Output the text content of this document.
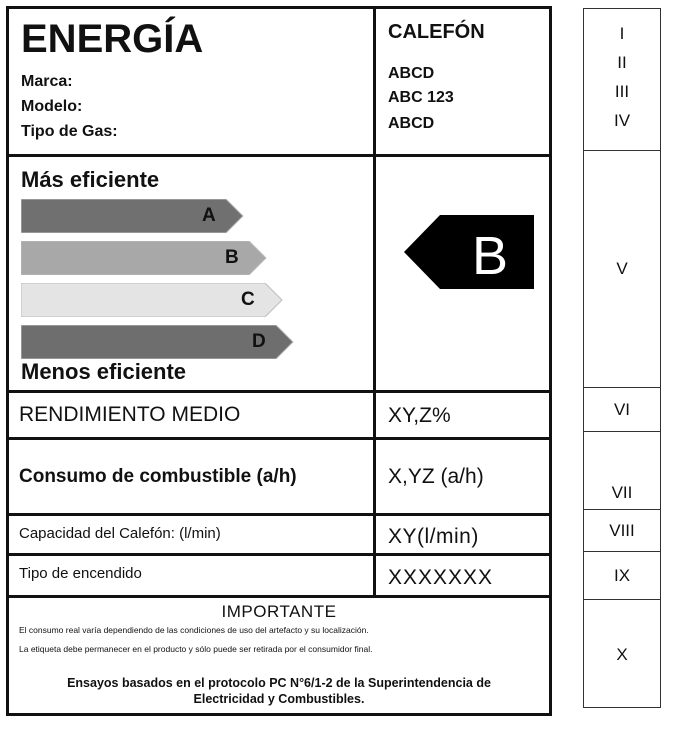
ENERGÍA
Marca:
Modelo:
Tipo de Gas:
CALEFÓN
ABCD
ABC 123
ABCD
Más eficiente
A
B
C
D
Menos eficiente
B
RENDIMIENTO MEDIO	XY,Z%
Consumo de combustible (a/h)	X,YZ (a/h)
Capacidad del Calefón: (l/min)	XY(l/min)
Tipo de encendido	XXXXXXX
IMPORTANTE
El consumo real varía dependiendo de las condiciones de uso del artefacto y su localización.
La etiqueta debe permanecer en el producto y sólo puede ser retirada por el consumidor final.
Ensayos basados en el protocolo PC N°6/1-2 de la Superintendencia de
Electricidad y Combustibles.
I
II
III
IV
V
VI
VII
VIII
IX
X
